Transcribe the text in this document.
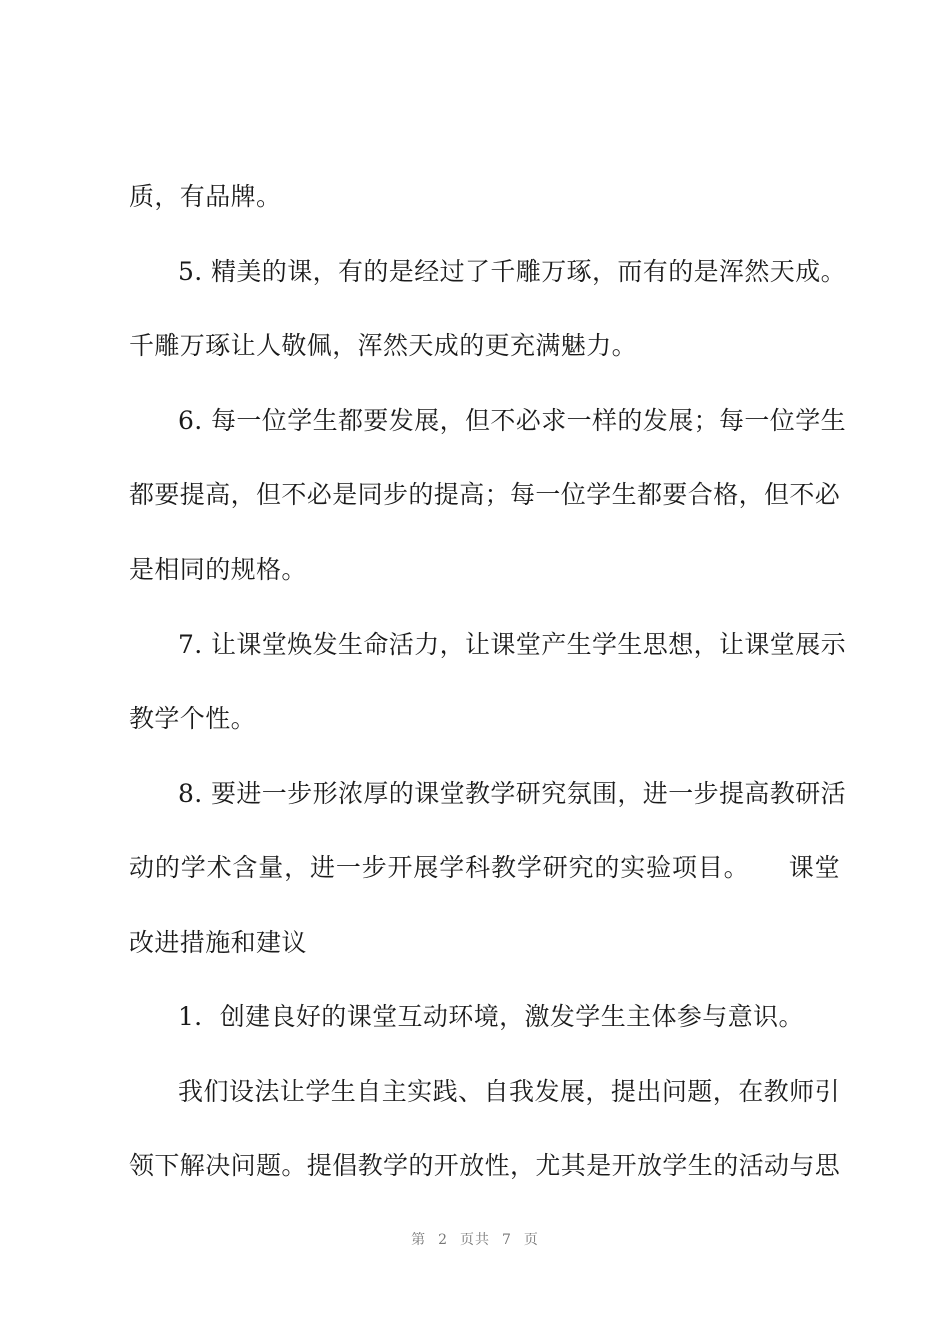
质，有品牌。
5. 精美的课，有的是经过了千雕万琢，而有的是浑然天成。
千雕万琢让人敬佩，浑然天成的更充满魅力。
6. 每一位学生都要发展，但不必求一样的发展；每一位学生
都要提高，但不必是同步的提高；每一位学生都要合格，但不必
是相同的规格。
7. 让课堂焕发生命活力，让课堂产生学生思想，让课堂展示
教学个性。
8. 要进一步形浓厚的课堂教学研究氛围，进一步提高教研活
动的学术含量，进一步开展学科教学研究的实验项目。　　课堂
改进措施和建议
1．创建良好的课堂互动环境，激发学生主体参与意识。
我们设法让学生自主实践、自我发展，提出问题，在教师引
领下解决问题。提倡教学的开放性，尤其是开放学生的活动与思
第 2 页共 7 页
